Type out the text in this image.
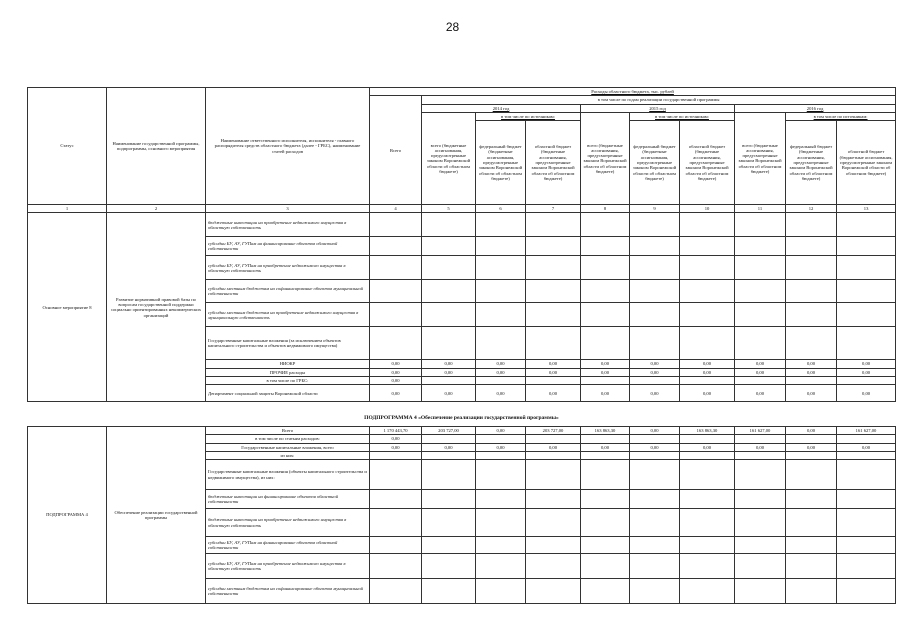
28
Статус	Наименование государственной программы, подпрограммы, основного мероприятия	Наименование ответственного исполнителя, исполнителя - главного распорядителя средств областного бюджета (далее - ГРБС), наименование статей расходов	Расходы областного бюджета, тыс. рублей									
			Всего	в том числе по годам реализации государственной программы								
				2014 год			2015 год			2016 год		
				всего (бюджетные ассигнования, предусмотренные законом Воронежской области об областном бюджете)	в том числе по источникам:		всего (бюджетные ассигнования, предусмотренные законом Воронежской области об областном бюджете)	в том числе по источникам:		всего (бюджетные ассигнования, предусмотренные законом Воронежской области об областном бюджете)	в том числе по источникам:	
					федеральный бюджет (бюджетные ассигнования, предусмотренные законом Воронежской области об областном бюджете)	областной бюджет (бюджетные ассигнования, предусмотренные законом Воронежской области об областном бюджете)		федеральный бюджет (бюджетные ассигнования, предусмотренные законом Воронежской области об областном бюджете)	областной бюджет (бюджетные ассигнования, предусмотренные законом Воронежской области об областном бюджете)		федеральный бюджет (бюджетные ассигнования, предусмотренные законом Воронежской области об областном бюджете)	областной бюджет (бюджетные ассигнования, предусмотренные законом Воронежской области об областном бюджете)
1	2	3	4	5	6	7	8	9	10	11	12	13
Основное мероприятие 8	Развитие нормативной правовой базы по вопросам государственной поддержки социально ориентированных некоммерческих организаций	бюджетные инвестиции на приобретение недвижимого имущества в областную собственность										
		субсидии БУ, АУ, ГУПам на финансирование объектов областной собственности										
		субсидии БУ, АУ, ГУПам на приобретение недвижимого имущества в областную собственность										
		субсидии местным бюджетам на софинансирование объектов муниципальной собственности										
		субсидии местным бюджетам на приобретение недвижимого имущества в муниципальную собственность										
		Государственные капитальные вложения (за исключением объектов капитального строительства и объектов недвижимого имущества)										
		НИОКР	0,00	0,00	0,00	0,00	0,00	0,00	0,00	0,00	0,00	0,00
		ПРОЧИЕ расходы	0,00	0,00	0,00	0,00	0,00	0,00	0,00	0,00	0,00	0,00
		в том числе по ГРБС:	0,00									
		Департамент социальной защиты Воронежской области	0,00	0,00	0,00	0,00	0,00	0,00	0,00	0,00	0,00	0,00
ПОДПРОГРАММА 4 «Обеспечение реализации государственной программы»
ПОДПРОГРАММА 4	Обеспечение реализации государственной программы	Всего	1 170 443,70	203 727,00	0,00	203 727,00	163 863,30	0,00	163 863,30	161 627,00	0,00	161 627,00
		в том числе по статьям расходов:	0,00									
		Государственные капитальные вложения, всего	0,00	0,00	0,00	0,00	0,00	0,00	0,00	0,00	0,00	0,00
		из них:										
		Государственные капитальные вложения (объекты капитального строительства и недвижимого имущества), из них:										
		бюджетные инвестиции на финансирование объектов областной собственности										
		бюджетные инвестиции на приобретение недвижимого имущества в областную собственность										
		субсидии БУ, АУ, ГУПам на финансирование объектов областной собственности										
		субсидии БУ, АУ, ГУПам на приобретение недвижимого имущества в областную собственность										
		субсидии местным бюджетам на софинансирование объектов муниципальной собственности										
